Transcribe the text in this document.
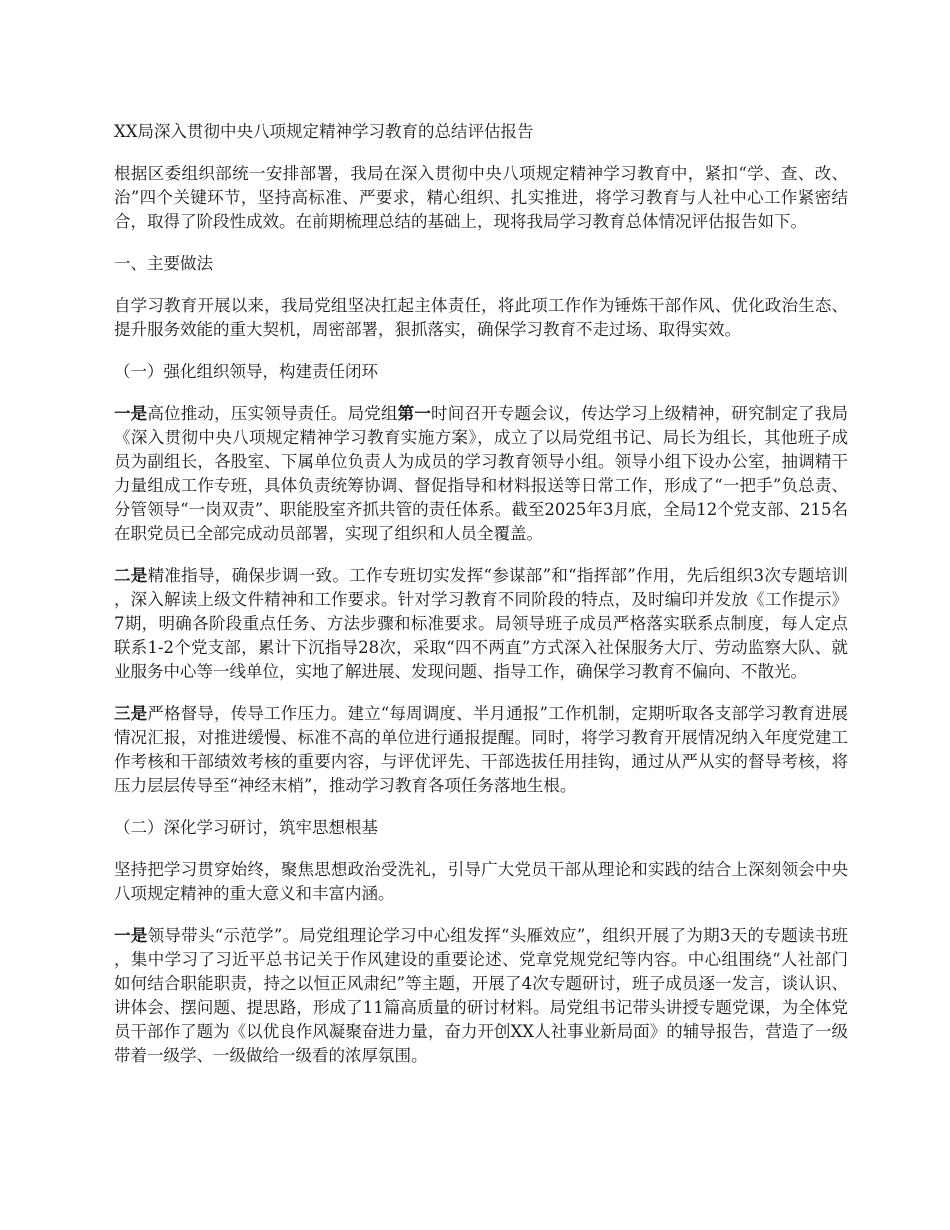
XX局深入贯彻中央八项规定精神学习教育的总结评估报告

根据区委组织部统一安排部署，我局在深入贯彻中央八项规定精神学习教育中，紧扣“学、查、改、治”四个关键环节，坚持高标准、严要求，精心组织、扎实推进，将学习教育与人社中心工作紧密结合，取得了阶段性成效。在前期梳理总结的基础上，现将我局学习教育总体情况评估报告如下。

一、主要做法

自学习教育开展以来，我局党组坚决扛起主体责任，将此项工作作为锤炼干部作风、优化政治生态、提升服务效能的重大契机，周密部署，狠抓落实，确保学习教育不走过场、取得实效。

（一）强化组织领导，构建责任闭环

一是高位推动，压实领导责任。局党组第一时间召开专题会议，传达学习上级精神，研究制定了我局《深入贯彻中央八项规定精神学习教育实施方案》，成立了以局党组书记、局长为组长，其他班子成员为副组长，各股室、下属单位负责人为成员的学习教育领导小组。领导小组下设办公室，抽调精干力量组成工作专班，具体负责统筹协调、督促指导和材料报送等日常工作，形成了“一把手”负总责、分管领导“一岗双责”、职能股室齐抓共管的责任体系。截至2025年3月底，全局12个党支部、215名在职党员已全部完成动员部署，实现了组织和人员全覆盖。

二是精准指导，确保步调一致。工作专班切实发挥“参谋部”和“指挥部”作用，先后组织3次专题培训，深入解读上级文件精神和工作要求。针对学习教育不同阶段的特点，及时编印并发放《工作提示》7期，明确各阶段重点任务、方法步骤和标准要求。局领导班子成员严格落实联系点制度，每人定点联系1-2个党支部，累计下沉指导28次，采取“四不两直”方式深入社保服务大厅、劳动监察大队、就业服务中心等一线单位，实地了解进展、发现问题、指导工作，确保学习教育不偏向、不散光。

三是严格督导，传导工作压力。建立“每周调度、半月通报”工作机制，定期听取各支部学习教育进展情况汇报，对推进缓慢、标准不高的单位进行通报提醒。同时，将学习教育开展情况纳入年度党建工作考核和干部绩效考核的重要内容，与评优评先、干部选拔任用挂钩，通过从严从实的督导考核，将压力层层传导至“神经末梢”，推动学习教育各项任务落地生根。

（二）深化学习研讨，筑牢思想根基

坚持把学习贯穿始终，聚焦思想政治受洗礼，引导广大党员干部从理论和实践的结合上深刻领会中央八项规定精神的重大意义和丰富内涵。

一是领导带头“示范学”。局党组理论学习中心组发挥“头雁效应”，组织开展了为期3天的专题读书班，集中学习了习近平总书记关于作风建设的重要论述、党章党规党纪等内容。中心组围绕“人社部门如何结合职能职责，持之以恒正风肃纪”等主题，开展了4次专题研讨，班子成员逐一发言，谈认识、讲体会、摆问题、提思路，形成了11篇高质量的研讨材料。局党组书记带头讲授专题党课，为全体党员干部作了题为《以优良作风凝聚奋进力量，奋力开创XX人社事业新局面》的辅导报告，营造了一级带着一级学、一级做给一级看的浓厚氛围。
